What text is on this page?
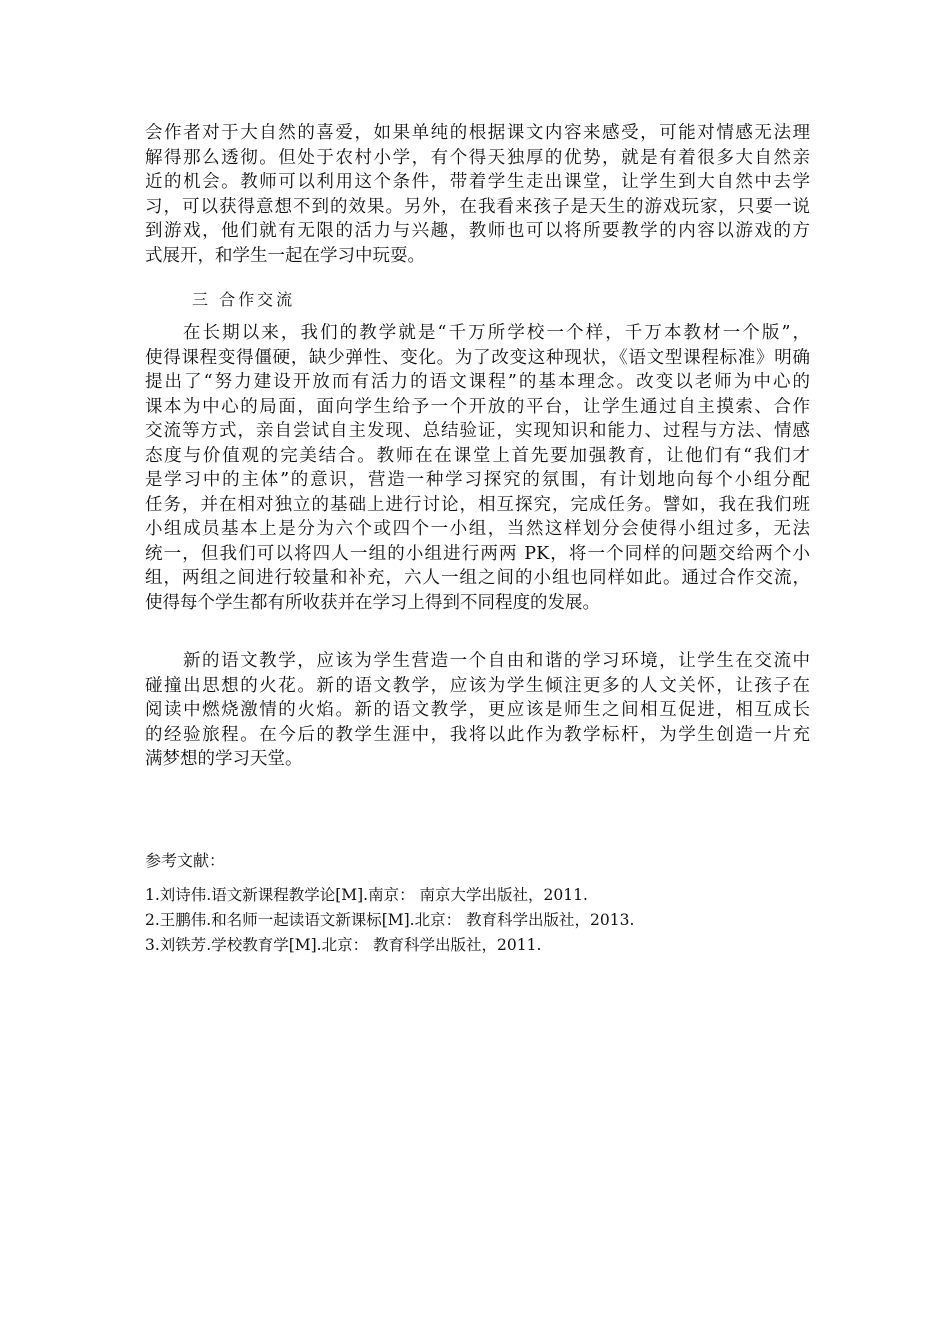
会作者对于大自然的喜爱，如果单纯的根据课文内容来感受，可能对情感无法理
解得那么透彻。但处于农村小学，有个得天独厚的优势，就是有着很多大自然亲
近的机会。教师可以利用这个条件，带着学生走出课堂，让学生到大自然中去学
习，可以获得意想不到的效果。另外，在我看来孩子是天生的游戏玩家，只要一说
到游戏，他们就有无限的活力与兴趣，教师也可以将所要教学的内容以游戏的方
式展开，和学生一起在学习中玩耍。
三 合作交流
在长期以来，我们的教学就是“千万所学校一个样，千万本教材一个版”，
使得课程变得僵硬，缺少弹性、变化。为了改变这种现状，《语文型课程标准》明确
提出了“努力建设开放而有活力的语文课程”的基本理念。改变以老师为中心的
课本为中心的局面，面向学生给予一个开放的平台，让学生通过自主摸索、合作
交流等方式，亲自尝试自主发现、总结验证，实现知识和能力、过程与方法、情感
态度与价值观的完美结合。教师在在课堂上首先要加强教育，让他们有“我们才
是学习中的主体”的意识，营造一种学习探究的氛围，有计划地向每个小组分配
任务，并在相对独立的基础上进行讨论，相互探究，完成任务。譬如，我在我们班
小组成员基本上是分为六个或四个一小组，当然这样划分会使得小组过多，无法
统一，但我们可以将四人一组的小组进行两两 PK，将一个同样的问题交给两个小
组，两组之间进行较量和补充，六人一组之间的小组也同样如此。通过合作交流，
使得每个学生都有所收获并在学习上得到不同程度的发展。
新的语文教学，应该为学生营造一个自由和谐的学习环境，让学生在交流中
碰撞出思想的火花。新的语文教学，应该为学生倾注更多的人文关怀，让孩子在
阅读中燃烧激情的火焰。新的语文教学，更应该是师生之间相互促进，相互成长
的经验旅程。在今后的教学生涯中，我将以此作为教学标杆，为学生创造一片充
满梦想的学习天堂。
参考文献：
1.刘诗伟.语文新课程教学论[M].南京： 南京大学出版社，2011.
2.王鹏伟.和名师一起读语文新课标[M].北京： 教育科学出版社，2013.
3.刘铁芳.学校教育学[M].北京： 教育科学出版社，2011.
